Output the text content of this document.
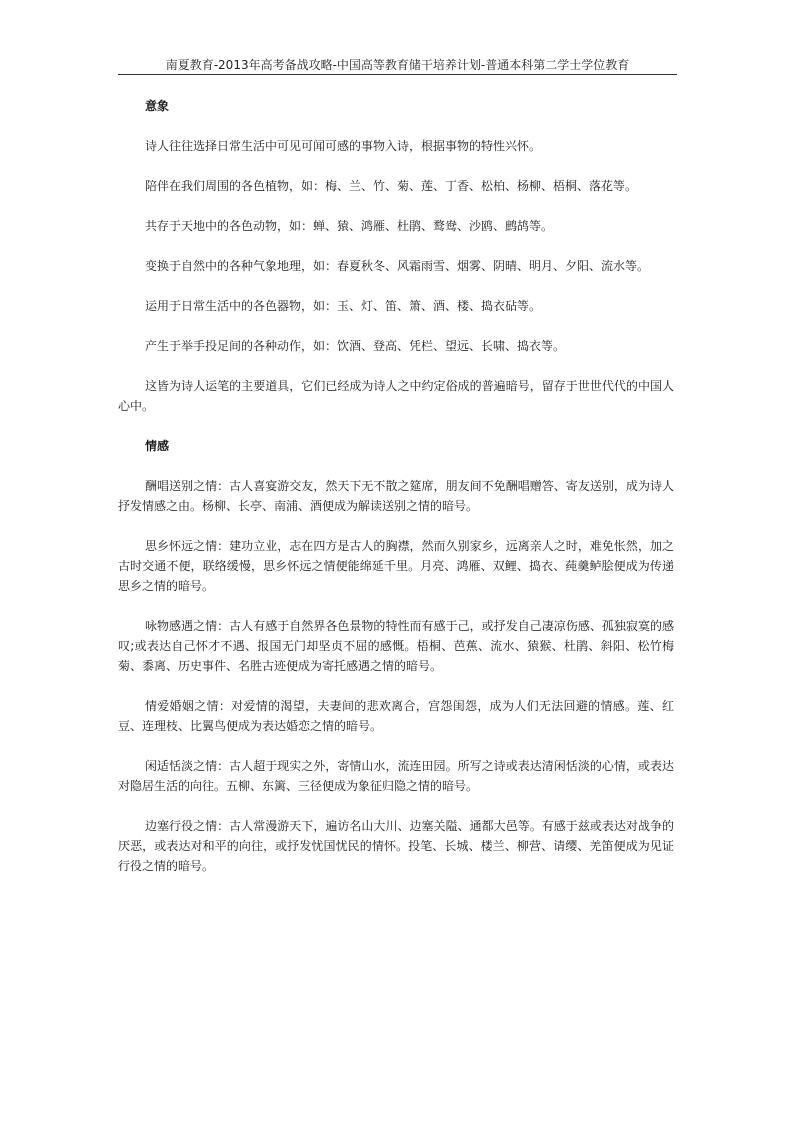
南夏教育-2013年高考备战攻略-中国高等教育储干培养计划-普通本科第二学士学位教育

意象

诗人往往选择日常生活中可见可闻可感的事物入诗，根据事物的特性兴怀。

陪伴在我们周围的各色植物，如：梅、兰、竹、菊、莲、丁香、松柏、杨柳、梧桐、落花等。

共存于天地中的各色动物，如：蝉、猿、鸿雁、杜鹃、鹜鸯、沙鸥、鹧鸪等。

变换于自然中的各种气象地理，如：春夏秋冬、风霜雨雪、烟雾、阴晴、明月、夕阳、流水等。

运用于日常生活中的各色器物，如：玉、灯、笛、箫、酒、楼、捣衣砧等。

产生于举手投足间的各种动作，如：饮酒、登高、凭栏、望远、长啸、捣衣等。

这皆为诗人运笔的主要道具，它们已经成为诗人之中约定俗成的普遍暗号，留存于世世代代的中国人心中。

情感

酬唱送别之情：古人喜宴游交友，然天下无不散之筵席，朋友间不免酬唱赠答、寄友送别，成为诗人抒发情感之由。杨柳、长亭、南浦、酒便成为解读送别之情的暗号。

思乡怀远之情：建功立业，志在四方是古人的胸襟，然而久别家乡，远离亲人之时，难免怅然，加之古时交通不便，联络缓慢，思乡怀远之情便能绵延千里。月亮、鸿雁、双鲤、捣衣、莼羹鲈脍便成为传递思乡之情的暗号。

咏物感遇之情：古人有感于自然界各色景物的特性而有感于己，或抒发自己凄凉伤感、孤独寂寞的感叹;或表达自己怀才不遇、报国无门却坚贞不屈的感慨。梧桐、芭蕉、流水、猿猴、杜鹃、斜阳、松竹梅菊、黍离、历史事件、名胜古迹便成为寄托感遇之情的暗号。

情爱婚姻之情：对爱情的渴望，夫妻间的悲欢离合，宫怨闺怨，成为人们无法回避的情感。莲、红豆、连理枝、比翼鸟便成为表达婚恋之情的暗号。

闲适恬淡之情：古人超于现实之外，寄情山水，流连田园。所写之诗或表达清闲恬淡的心情，或表达对隐居生活的向往。五柳、东篱、三径便成为象征归隐之情的暗号。

边塞行役之情：古人常漫游天下，遍访名山大川、边塞关隘、通都大邑等。有感于兹或表达对战争的厌恶，或表达对和平的向往，或抒发忧国忧民的情怀。投笔、长城、楼兰、柳营、请缨、羌笛便成为见证行役之情的暗号。
